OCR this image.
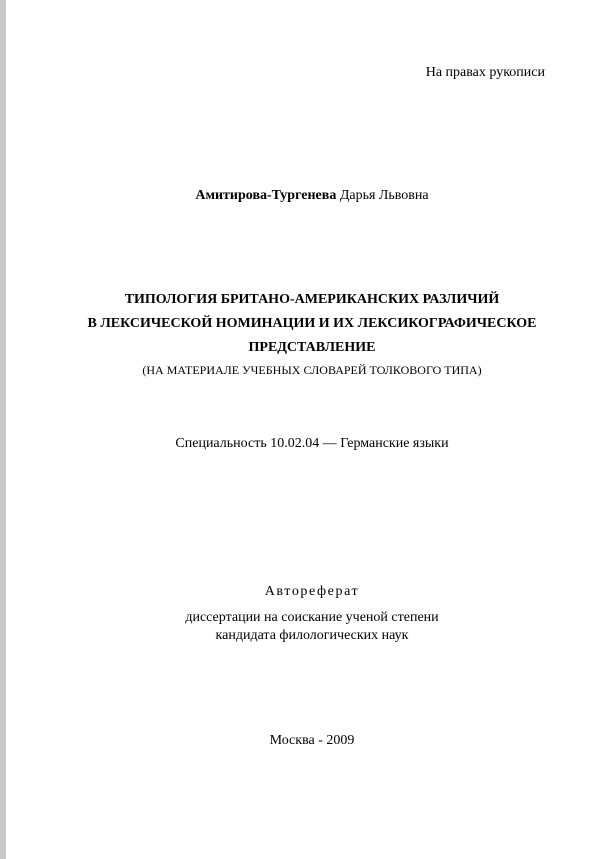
На правах рукописи
Амитирова-Тургенева Дарья Львовна
ТИПОЛОГИЯ БРИТАНО-АМЕРИКАНСКИХ РАЗЛИЧИЙ
В ЛЕКСИЧЕСКОЙ НОМИНАЦИИ И ИХ ЛЕКСИКОГРАФИЧЕСКОЕ
ПРЕДСТАВЛЕНИЕ
(НА МАТЕРИАЛЕ УЧЕБНЫХ СЛОВАРЕЙ ТОЛКОВОГО ТИПА)
Специальность 10.02.04 — Германские языки
Автореферат
диссертации на соискание ученой степени
кандидата филологических наук
Москва - 2009
